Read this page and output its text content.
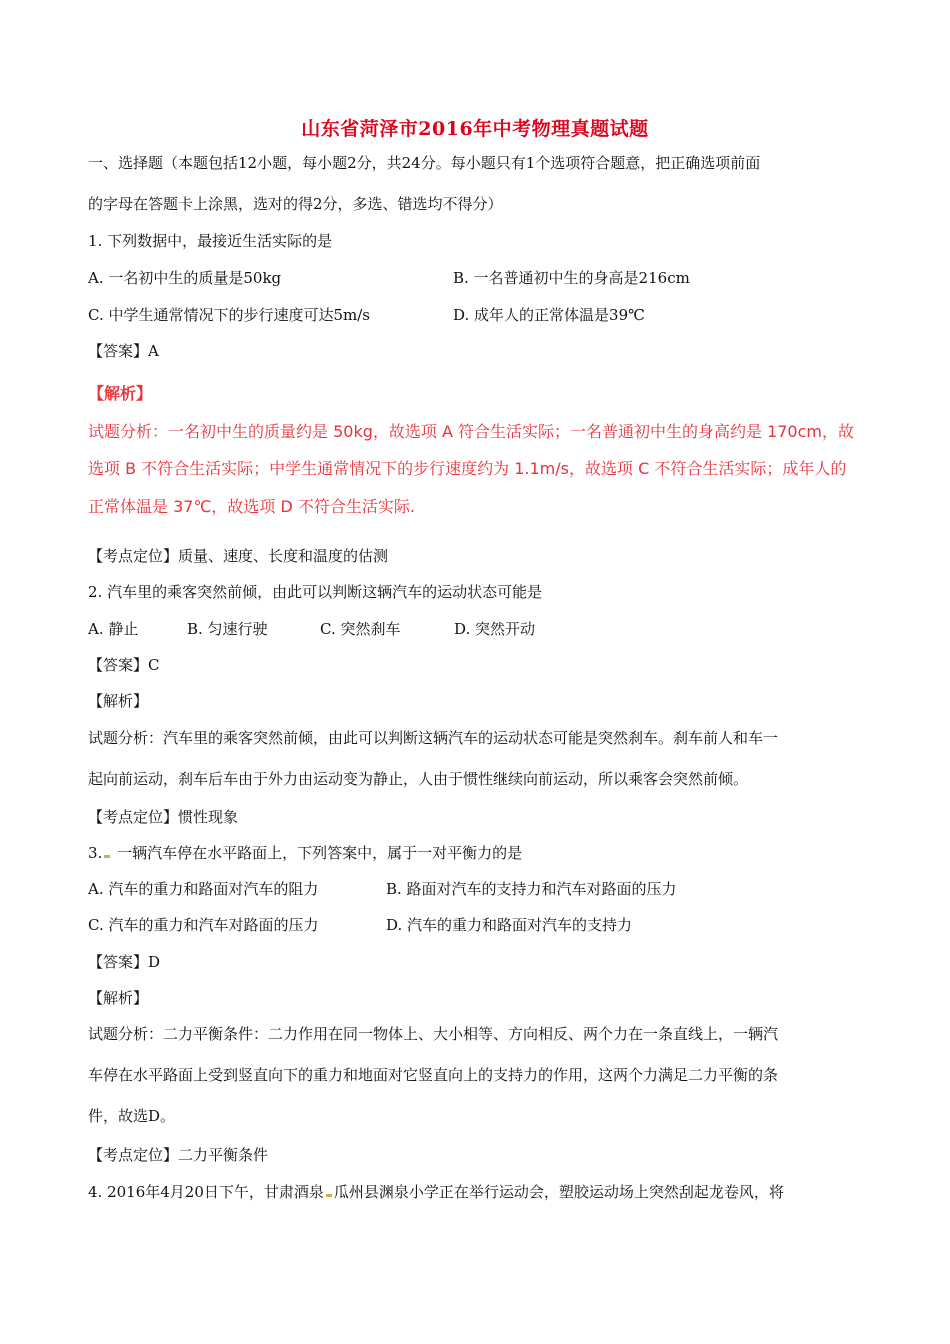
山东省菏泽市2016年中考物理真题试题
一、选择题（本题包括12小题，每小题2分，共24分。每小题只有1个选项符合题意，把正确选项前面
的字母在答题卡上涂黑，选对的得2分，多选、错选均不得分）
1. 下列数据中，最接近生活实际的是
A. 一名初中生的质量是50kg	B. 一名普通初中生的身高是216cm
C. 中学生通常情况下的步行速度可达5m/s	D. 成年人的正常体温是39℃
【答案】A
【解析】
试题分析：一名初中生的质量约是 50kg，故选项 A 符合生活实际；一名普通初中生的身高约是 170cm，故
选项 B 不符合生活实际；中学生通常情况下的步行速度约为 1.1m/s，故选项 C 不符合生活实际；成年人的
正常体温是 37℃，故选项 D 不符合生活实际.
【考点定位】质量、速度、长度和温度的估测
2. 汽车里的乘客突然前倾，由此可以判断这辆汽车的运动状态可能是
A. 静止	B. 匀速行驶	C. 突然刹车	D. 突然开动
【答案】C
【解析】
试题分析：汽车里的乘客突然前倾，由此可以判断这辆汽车的运动状态可能是突然刹车。刹车前人和车一
起向前运动，刹车后车由于外力由运动变为静止，人由于惯性继续向前运动，所以乘客会突然前倾。
【考点定位】惯性现象
3. 一辆汽车停在水平路面上，下列答案中，属于一对平衡力的是
A. 汽车的重力和路面对汽车的阻力	B. 路面对汽车的支持力和汽车对路面的压力
C. 汽车的重力和汽车对路面的压力	D. 汽车的重力和路面对汽车的支持力
【答案】D
【解析】
试题分析：二力平衡条件：二力作用在同一物体上、大小相等、方向相反、两个力在一条直线上，一辆汽
车停在水平路面上受到竖直向下的重力和地面对它竖直向上的支持力的作用，这两个力满足二力平衡的条
件，故选D。
【考点定位】二力平衡条件
4. 2016年4月20日下午，甘肃酒泉 瓜州县渊泉小学正在举行运动会，塑胶运动场上突然刮起龙卷风，将
